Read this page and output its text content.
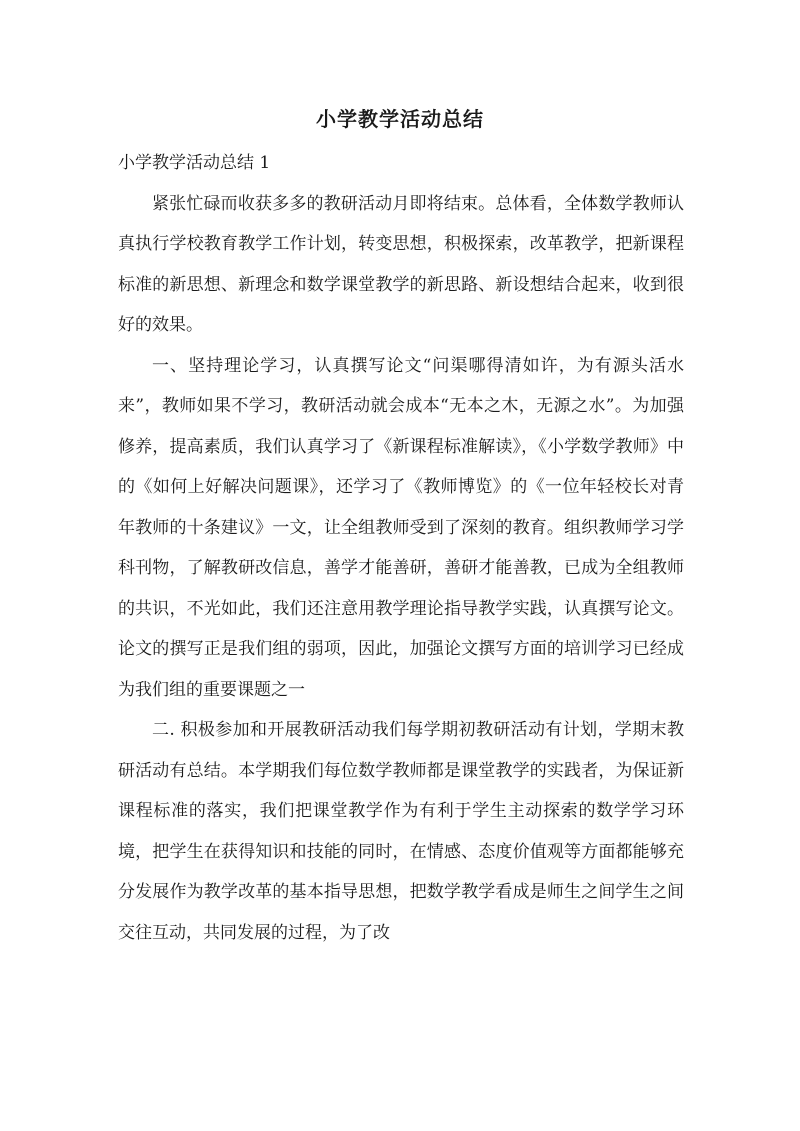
小学教学活动总结

小学教学活动总结 1

紧张忙碌而收获多多的教研活动月即将结束。总体看，全体数学教师认真执行学校教育教学工作计划，转变思想，积极探索，改革教学，把新课程标准的新思想、新理念和数学课堂教学的新思路、新设想结合起来，收到很好的效果。

一、坚持理论学习，认真撰写论文“问渠哪得清如许，为有源头活水来”，教师如果不学习，教研活动就会成本“无本之木，无源之水”。为加强修养，提高素质，我们认真学习了《新课程标准解读》，《小学数学教师》中的《如何上好解决问题课》，还学习了《教师博览》的《一位年轻校长对青年教师的十条建议》一文，让全组教师受到了深刻的教育。组织教师学习学科刊物，了解教研改信息，善学才能善研，善研才能善教，已成为全组教师的共识，不光如此，我们还注意用教学理论指导教学实践，认真撰写论文。论文的撰写正是我们组的弱项，因此，加强论文撰写方面的培训学习已经成为我们组的重要课题之一

二. 积极参加和开展教研活动我们每学期初教研活动有计划，学期末教研活动有总结。本学期我们每位数学教师都是课堂教学的实践者，为保证新课程标准的落实，我们把课堂教学作为有利于学生主动探索的数学学习环境，把学生在获得知识和技能的同时，在情感、态度价值观等方面都能够充分发展作为教学改革的基本指导思想，把数学教学看成是师生之间学生之间交往互动，共同发展的过程，为了改
